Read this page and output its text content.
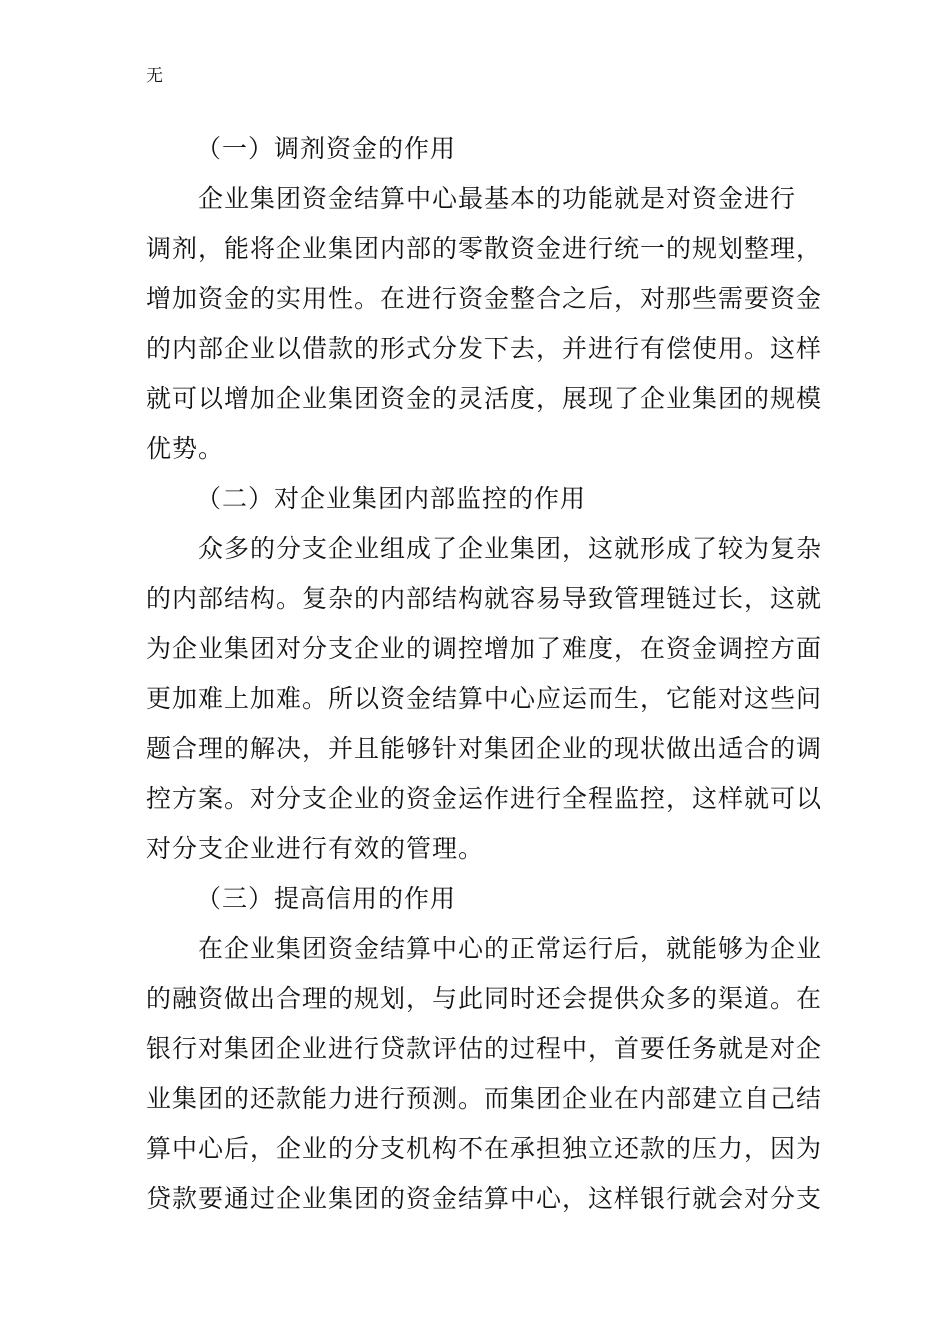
无
（一）调剂资金的作用
企业集团资金结算中心最基本的功能就是对资金进行
调剂，能将企业集团内部的零散资金进行统一的规划整理，
增加资金的实用性。在进行资金整合之后，对那些需要资金
的内部企业以借款的形式分发下去，并进行有偿使用。这样
就可以增加企业集团资金的灵活度，展现了企业集团的规模
优势。
（二）对企业集团内部监控的作用
众多的分支企业组成了企业集团，这就形成了较为复杂
的内部结构。复杂的内部结构就容易导致管理链过长，这就
为企业集团对分支企业的调控增加了难度，在资金调控方面
更加难上加难。所以资金结算中心应运而生，它能对这些问
题合理的解决，并且能够针对集团企业的现状做出适合的调
控方案。对分支企业的资金运作进行全程监控，这样就可以
对分支企业进行有效的管理。
（三）提高信用的作用
在企业集团资金结算中心的正常运行后，就能够为企业
的融资做出合理的规划，与此同时还会提供众多的渠道。在
银行对集团企业进行贷款评估的过程中，首要任务就是对企
业集团的还款能力进行预测。而集团企业在内部建立自己结
算中心后，企业的分支机构不在承担独立还款的压力，因为
贷款要通过企业集团的资金结算中心，这样银行就会对分支
